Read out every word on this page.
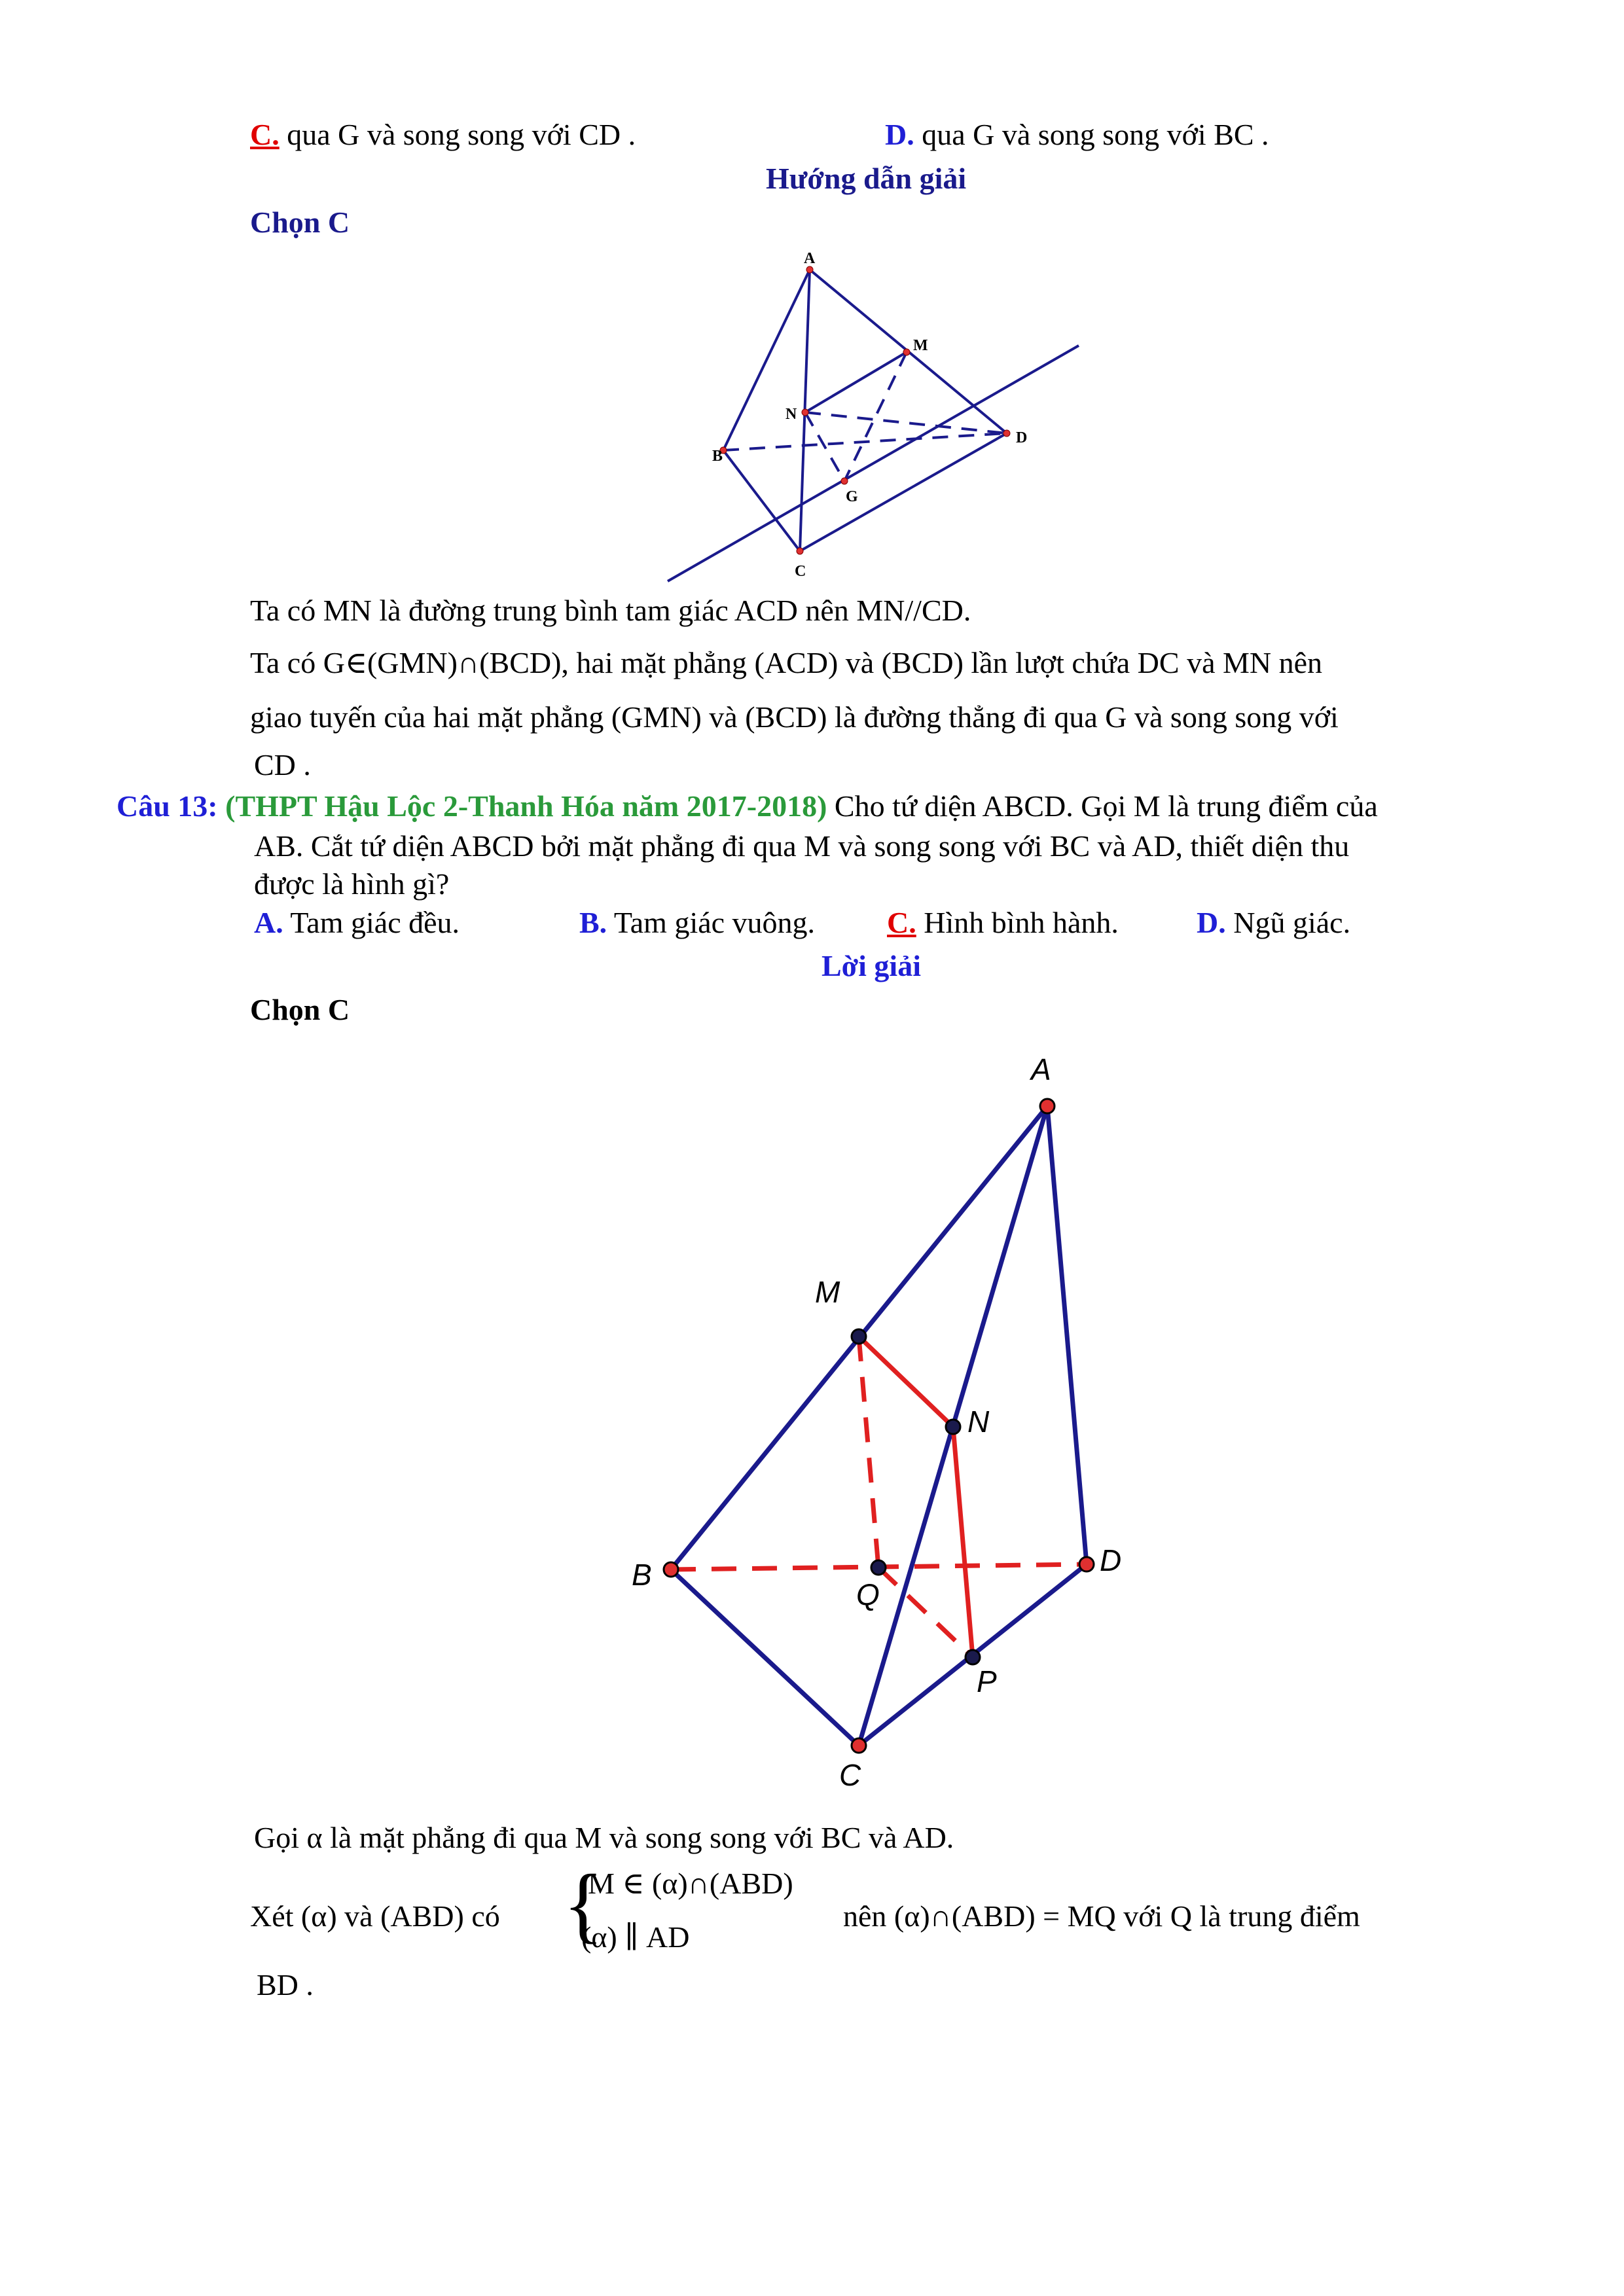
C. qua G và song song với CD .	D. qua G và song song với BC .
Hướng dẫn giải
Chọn C
A
M
N
D
B
G
C
Ta có MN là đường trung bình tam giác ACD nên MN//CD.
Ta có G∈(GMN)∩(BCD), hai mặt phẳng (ACD) và (BCD) lần lượt chứa DC và MN nên
giao tuyến của hai mặt phẳng (GMN) và (BCD) là đường thẳng đi qua G và song song với
CD .
Câu 13: (THPT Hậu Lộc 2-Thanh Hóa năm 2017-2018) Cho tứ diện ABCD. Gọi M là trung điểm của
AB. Cắt tứ diện ABCD bởi mặt phẳng đi qua M và song song với BC và AD, thiết diện thu
được là hình gì?
A. Tam giác đều.	B. Tam giác vuông. C. Hình bình hành.	D. Ngũ giác.
Lời giải
Chọn C
A
M
N
B
Q
D
P
C
Gọi α là mặt phẳng đi qua M và song song với BC và AD.
Xét (α) và (ABD) có {
M ∈ (α)∩(ABD)
(α) ∥ AD
nên (α)∩(ABD) = MQ với Q là trung điểm
BD .
